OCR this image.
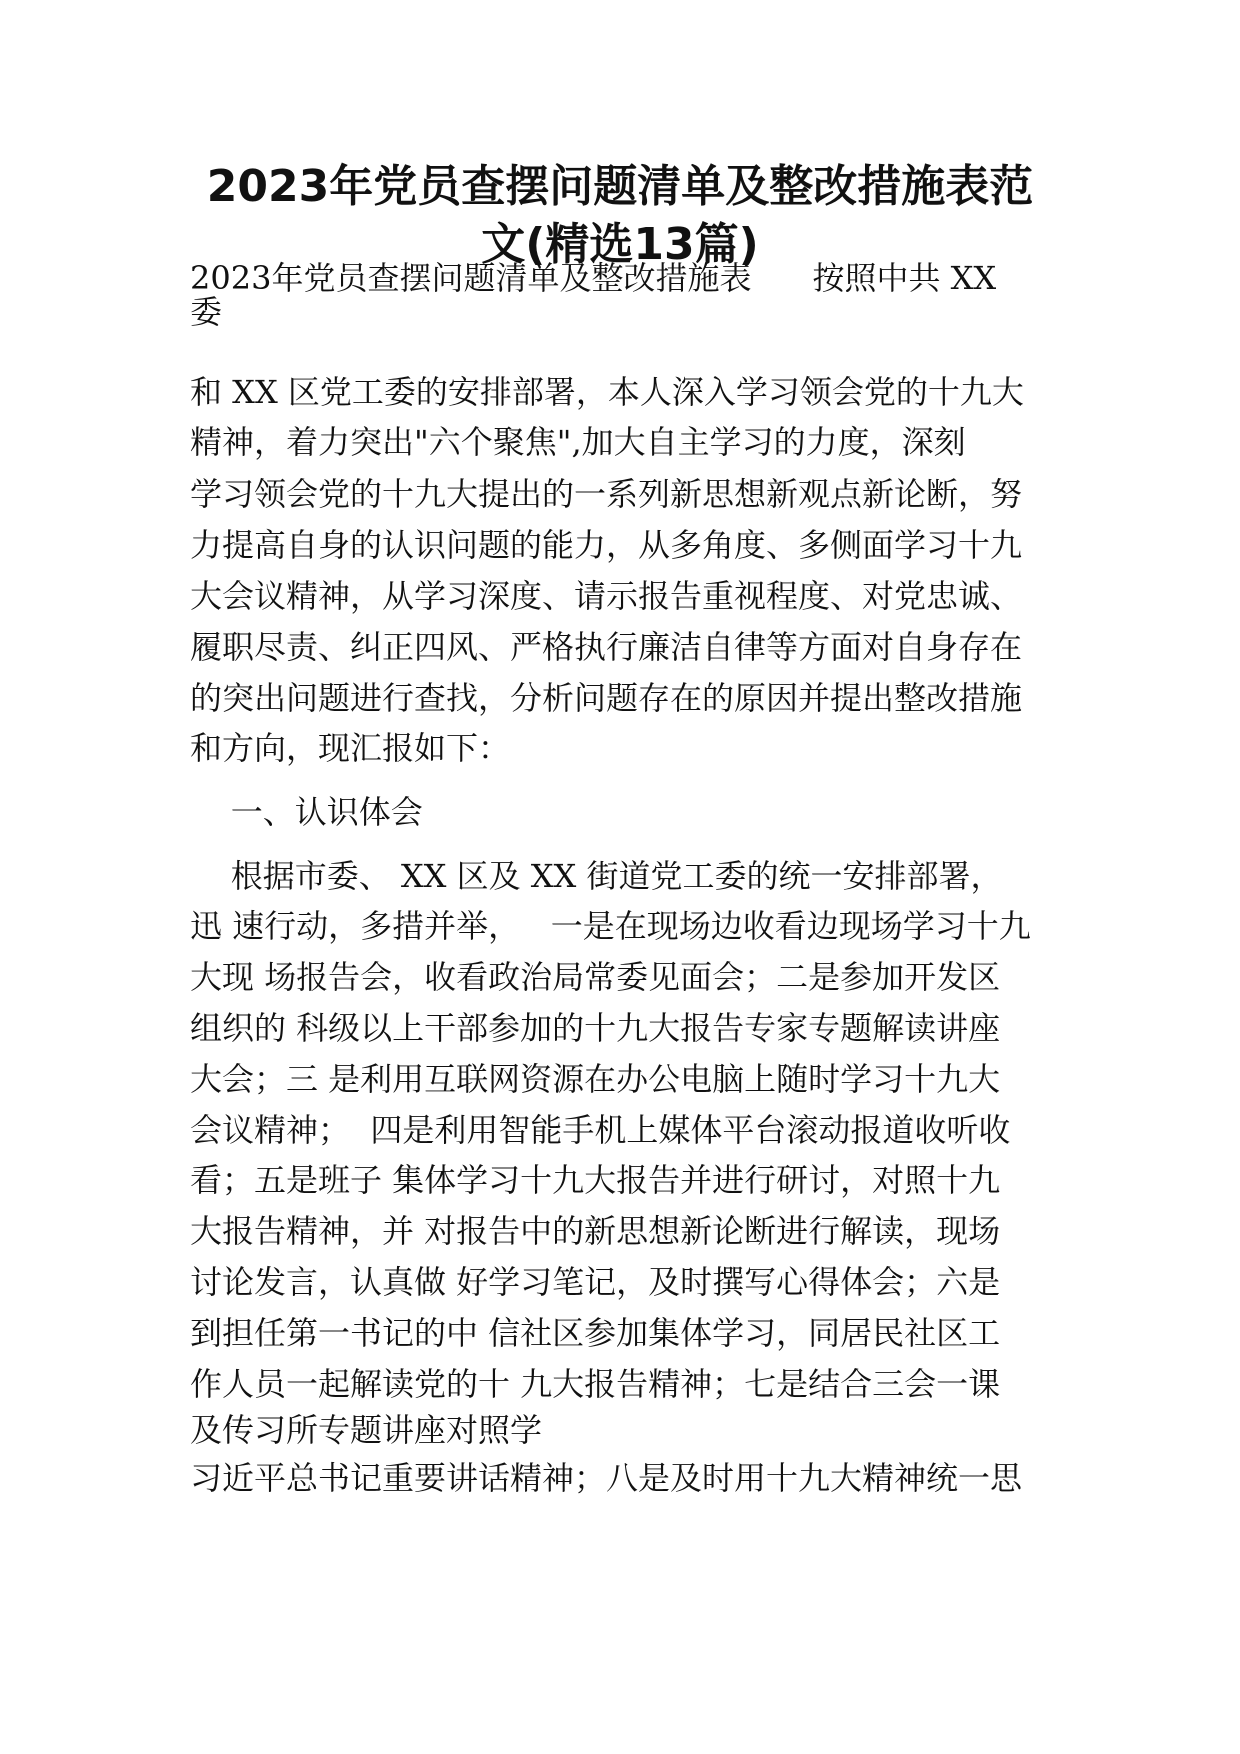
2023年党员查摆问题清单及整改措施表范
文(精选13篇)

2023年党员查摆问题清单及整改措施表      按照中共 XX

委

和 XX 区党工委的安排部署，本人深入学习领会党的十九大

精神，着力突出"六个聚焦",加大自主学习的力度，深刻

学习领会党的十九大提出的一系列新思想新观点新论断，努

力提高自身的认识问题的能力，从多角度、多侧面学习十九

大会议精神，从学习深度、请示报告重视程度、对党忠诚、

履职尽责、纠正四风、严格执行廉洁自律等方面对自身存在

的突出问题进行查找，分析问题存在的原因并提出整改措施

和方向，现汇报如下：

一、认识体会

根据市委、 XX 区及 XX 街道党工委的统一安排部署，

迅 速行动，多措并举，   一是在现场边收看边现场学习十九

大现 场报告会，收看政治局常委见面会；二是参加开发区

组织的 科级以上干部参加的十九大报告专家专题解读讲座

大会；三 是利用互联网资源在办公电脑上随时学习十九大

会议精神；  四是利用智能手机上媒体平台滚动报道收听收

看；五是班子 集体学习十九大报告并进行研讨，对照十九

大报告精神，并 对报告中的新思想新论断进行解读，现场

讨论发言，认真做 好学习笔记，及时撰写心得体会；六是

到担任第一书记的中 信社区参加集体学习，同居民社区工

作人员一起解读党的十 九大报告精神；七是结合三会一课

及传习所专题讲座对照学

习近平总书记重要讲话精神；八是及时用十九大精神统一思
